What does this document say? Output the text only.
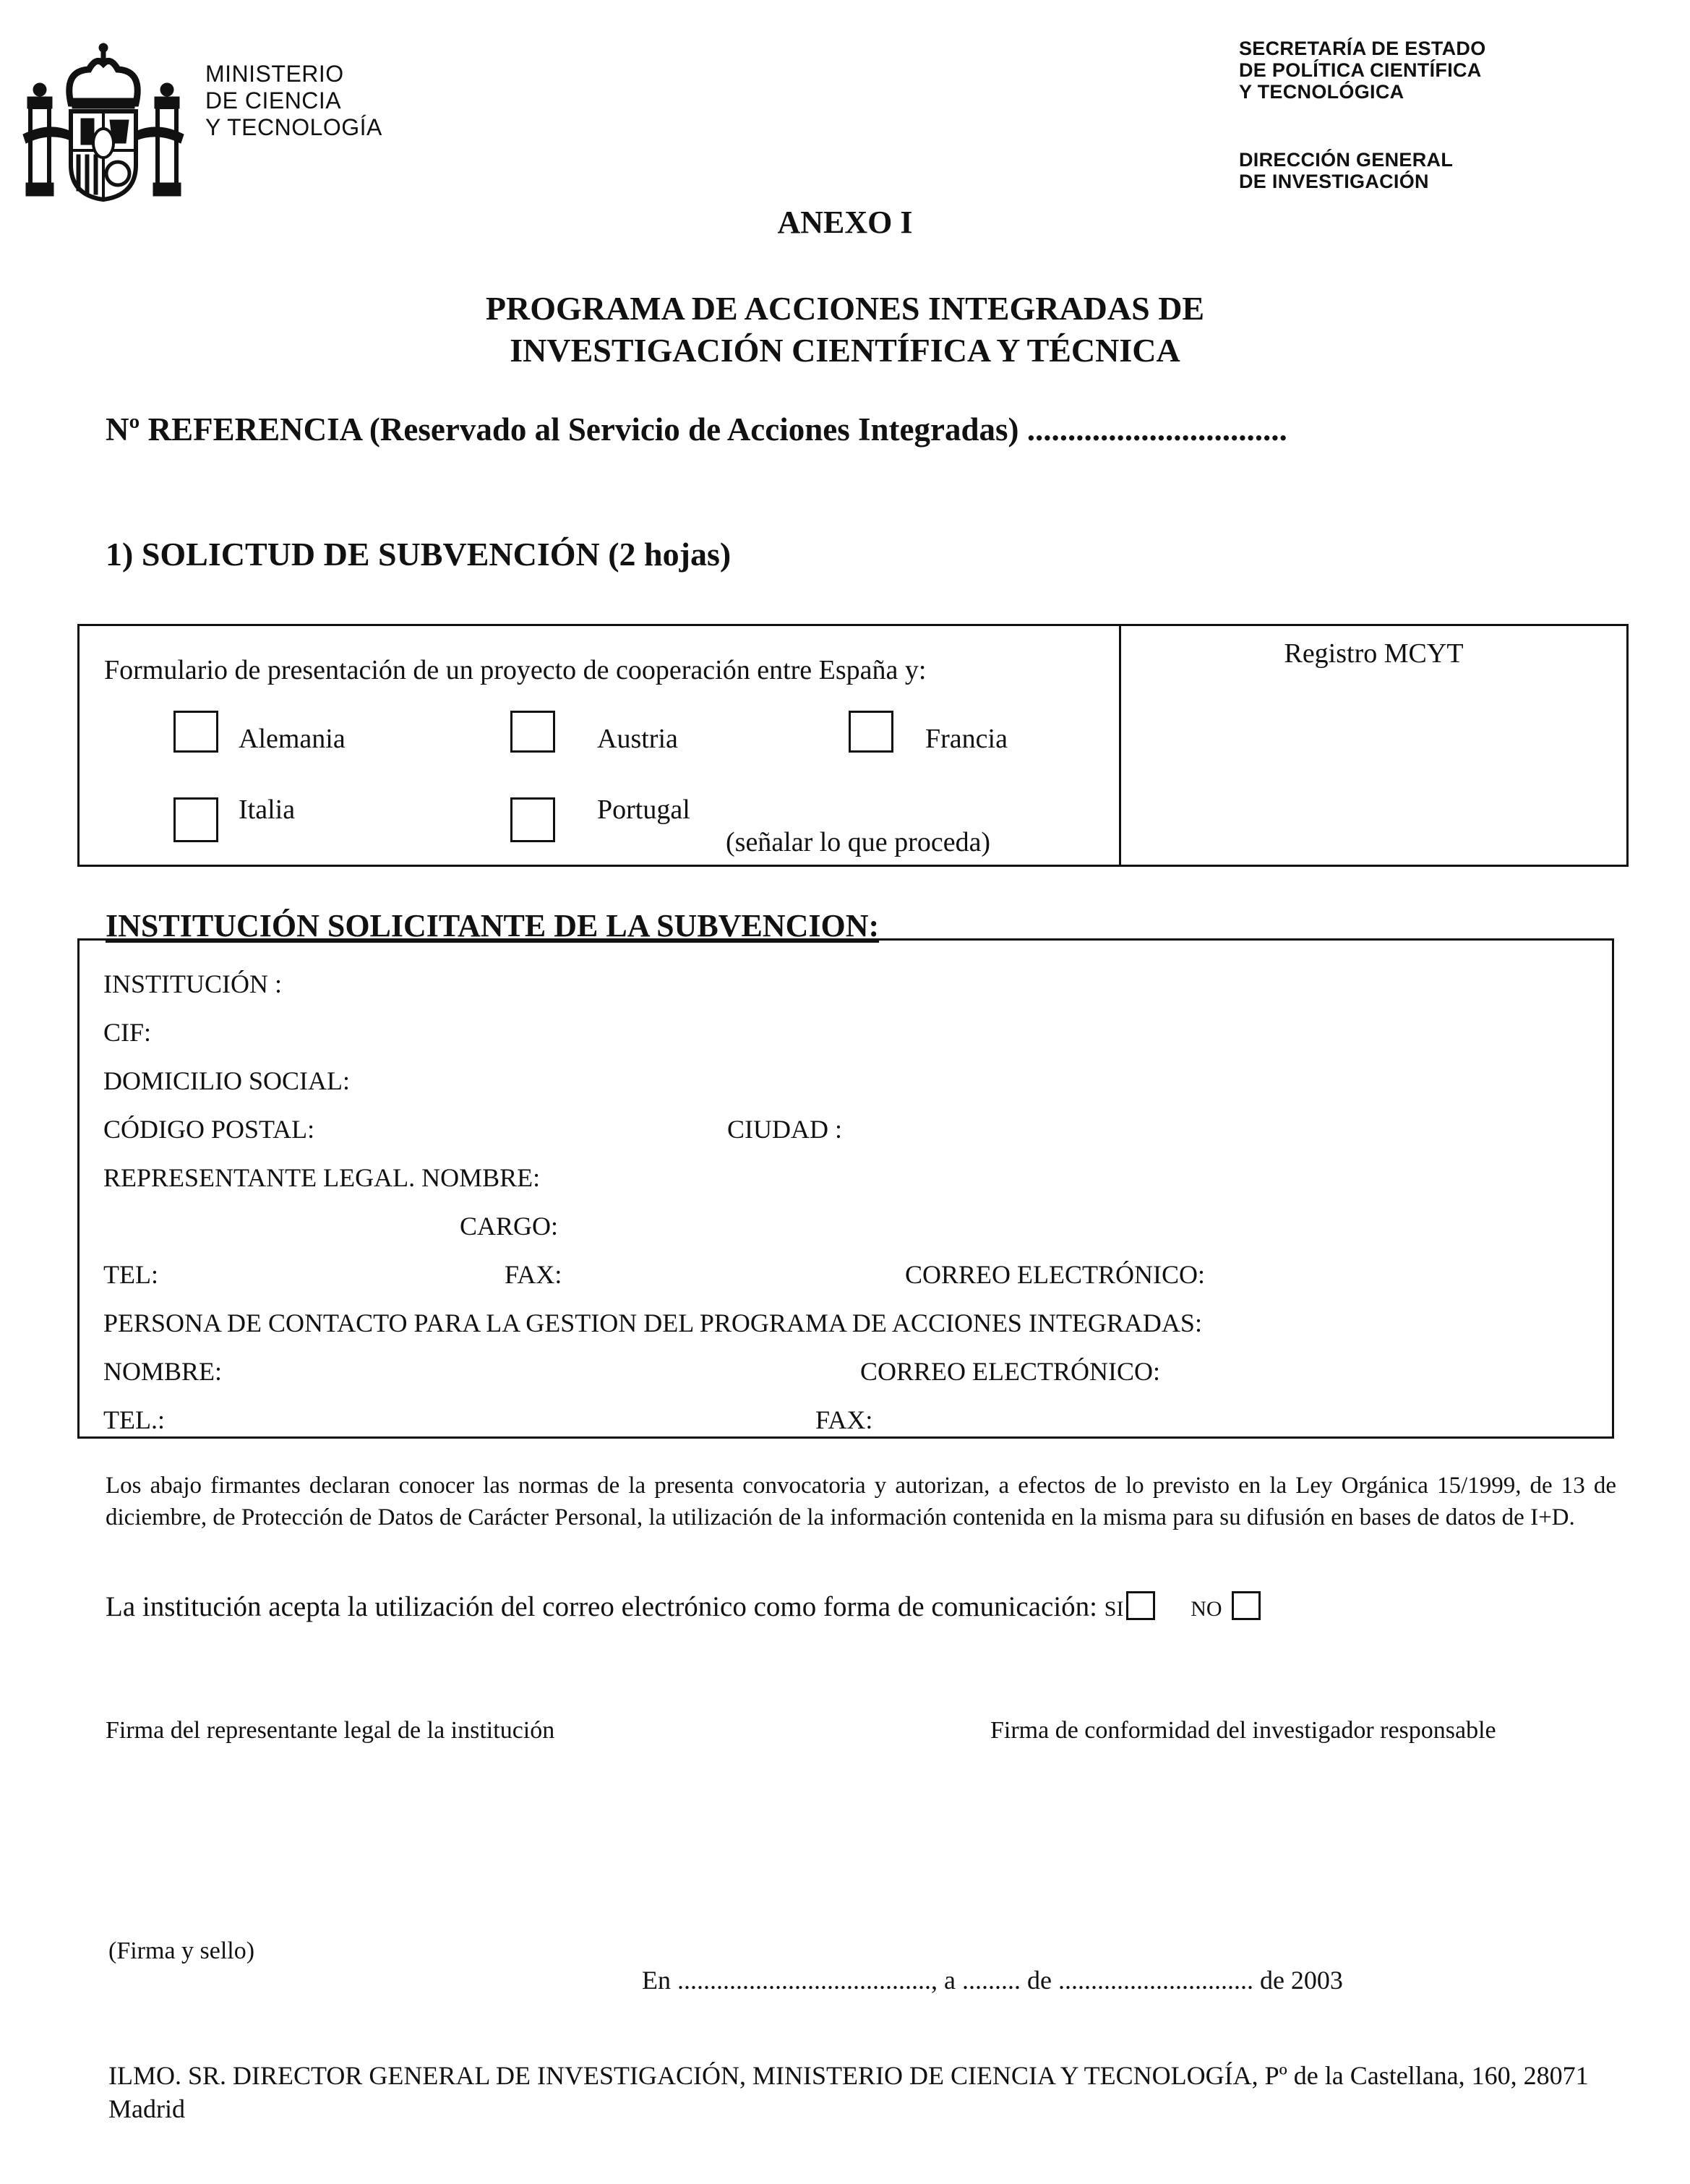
MINISTERIO
DE CIENCIA
Y TECNOLOGÍA
SECRETARÍA DE ESTADO
DE POLÍTICA CIENTÍFICA
Y TECNOLÓGICA
DIRECCIÓN GENERAL
DE INVESTIGACIÓN
ANEXO I
PROGRAMA DE ACCIONES INTEGRADAS DE
INVESTIGACIÓN CIENTÍFICA Y TÉCNICA
Nº REFERENCIA (Reservado al Servicio de Acciones Integradas) ................................
1) SOLICTUD DE SUBVENCIÓN (2 hojas)
Formulario de presentación de un proyecto de cooperación entre España y:
Registro MCYT
Alemania	Austria	Francia
Italia	Portugal
(señalar lo que proceda)
INSTITUCIÓN SOLICITANTE DE LA SUBVENCION:
INSTITUCIÓN :
CIF:
DOMICILIO SOCIAL:
CÓDIGO POSTAL:	CIUDAD :
REPRESENTANTE LEGAL. NOMBRE:
CARGO:
TEL:	FAX:	CORREO ELECTRÓNICO:
PERSONA DE CONTACTO PARA LA GESTION DEL PROGRAMA DE ACCIONES INTEGRADAS:
NOMBRE:	CORREO ELECTRÓNICO:
TEL.:	FAX:
Los abajo firmantes declaran conocer las normas de la presenta convocatoria y autorizan, a efectos de lo previsto en la Ley Orgánica 15/1999, de 13 de diciembre, de Protección de Datos de Carácter Personal, la utilización de la información contenida en la misma para su difusión en bases de datos de I+D.
La institución acepta la utilización del correo electrónico como forma de comunicación: SI	NO
Firma del representante legal de la institución	Firma de conformidad del investigador responsable
(Firma y sello)
En ......................................., a ......... de .............................. de 2003
ILMO. SR. DIRECTOR GENERAL DE INVESTIGACIÓN, MINISTERIO DE CIENCIA Y TECNOLOGÍA, Pº de la Castellana, 160, 28071 Madrid
